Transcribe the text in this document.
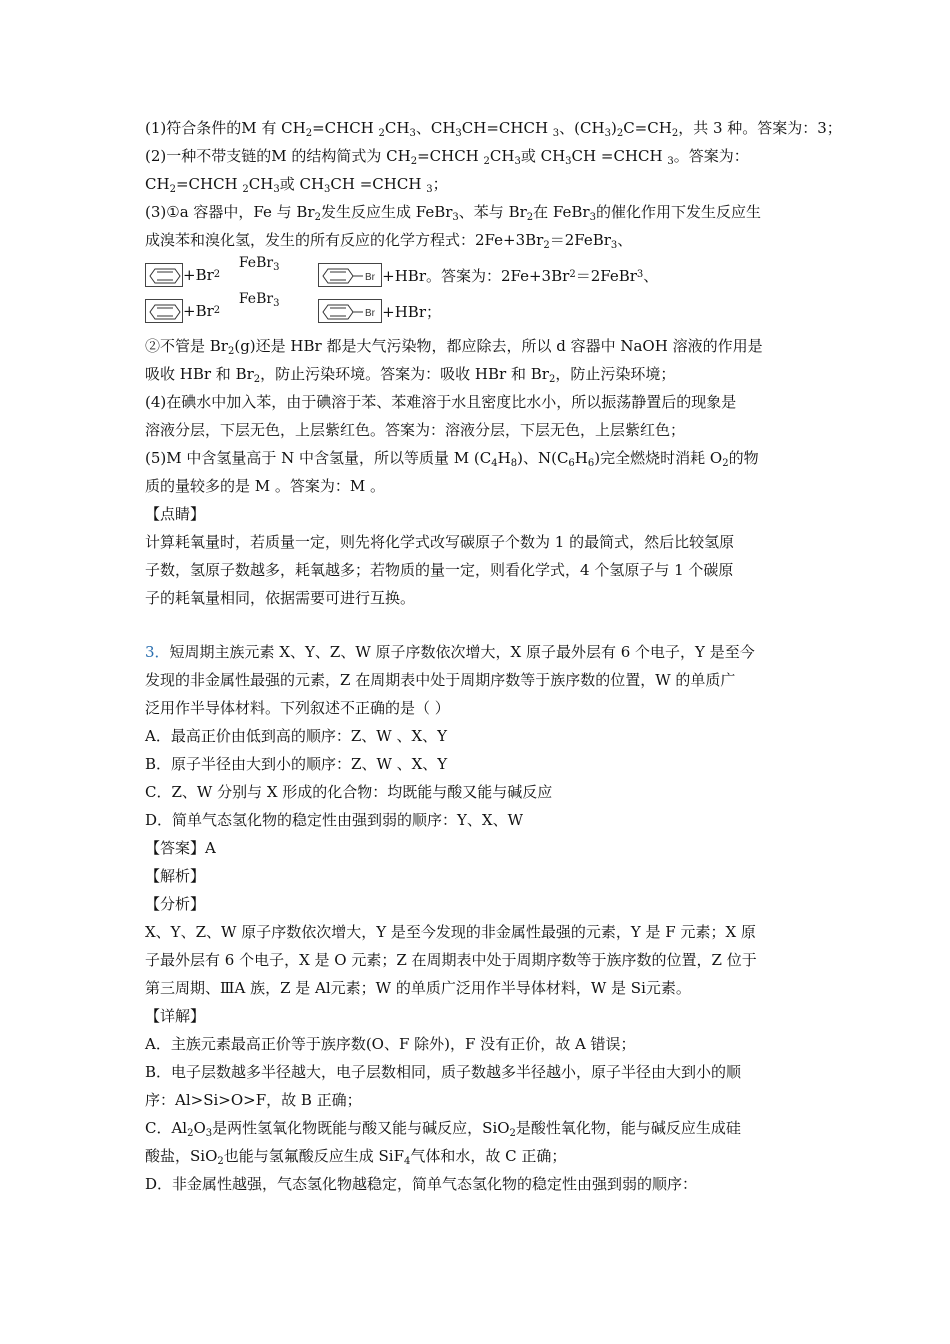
(1)符合条件的M 有 $CH_2=CHCH$ $_2CH_3$、$CH_3CH=CHCH$ $_3$、$(CH_3)_2C=CH_2$，共 3 种。答案为：3；
(2)一种不带支链的M 的结构简式为 $CH_2=CHCH$ $_2CH_3$或 $CH_3CH$ =CHCH $_3$。答案为：
$CH_2=CHCH$ $_2CH_3$或 $CH_3CH$ =CHCH $_3$；
(3)①a 容器中，Fe 与 $Br_2$发生反应生成 FeBr$_3$、苯与 $Br_2$在 FeBr$_3$的催化作用下发生反应生
成溴苯和溴化氢，发生的所有反应的化学方程式：$2Fe+3Br_2=2FeBr_3$、
+Br 2
FeBr$_3$
Br +HBr。答案为：2Fe+3Br 2 ＝2FeBr 3 、
+Br 2
FeBr$_3$
Br +HBr；
②不管是 $Br_2(g)$还是 HBr 都是大气污染物，都应除去，所以 d 容器中 NaOH 溶液的作用是
吸收 HBr 和 $Br_2$，防止污染环境。答案为：吸收 HBr 和 $Br_2$，防止污染环境；
(4)在碘水中加入苯，由于碘溶于苯、苯难溶于水且密度比水小，所以振荡静置后的现象是
溶液分层，下层无色，上层紫红色。答案为：溶液分层，下层无色，上层紫红色；
(5)M 中含氢量高于 N 中含氢量，所以等质量 M $(C_4H_8)$、$N(C_6H_6)$完全燃烧时消耗 $O_2$的物
质的量较多的是 M 。答案为：M 。
【点睛】
计算耗氧量时，若质量一定，则先将化学式改写碳原子个数为 1 的最简式，然后比较氢原
子数，氢原子数越多，耗氧越多；若物质的量一定，则看化学式，4 个氢原子与 1 个碳原
子的耗氧量相同，依据需要可进行互换。
3．短周期主族元素 X、Y、Z、W 原子序数依次增大，X 原子最外层有 6 个电子，Y 是至今
发现的非金属性最强的元素，Z 在周期表中处于周期序数等于族序数的位置，W 的单质广
泛用作半导体材料。下列叙述不正确的是（ ）
A．最高正价由低到高的顺序：Z、W 、X、Y
B．原子半径由大到小的顺序：Z、W 、X、Y
C．Z、W 分别与 X 形成的化合物：均既能与酸又能与碱反应
D．简单气态氢化物的稳定性由强到弱的顺序：Y、X、W
【答案】A
【解析】
【分析】
X、Y、Z、W 原子序数依次增大，Y 是至今发现的非金属性最强的元素，Y 是 F 元素；X 原
子最外层有 6 个电子，X 是 O 元素；Z 在周期表中处于周期序数等于族序数的位置，Z 位于
第三周期、ⅢA 族，Z 是 Al元素；W 的单质广泛用作半导体材料，W 是 Si元素。
【详解】
A．主族元素最高正价等于族序数(O、F 除外)，F 没有正价，故 A 错误；
B．电子层数越多半径越大，电子层数相同，质子数越多半径越小，原子半径由大到小的顺
序：Al>Si>O>F，故 B 正确；
C．$Al_2O_3$是两性氢氧化物既能与酸又能与碱反应，SiO$_2$是酸性氧化物，能与碱反应生成硅
酸盐，SiO$_2$也能与氢氟酸反应生成 SiF$_4$气体和水，故 C 正确；
D．非金属性越强，气态氢化物越稳定，简单气态氢化物的稳定性由强到弱的顺序：
